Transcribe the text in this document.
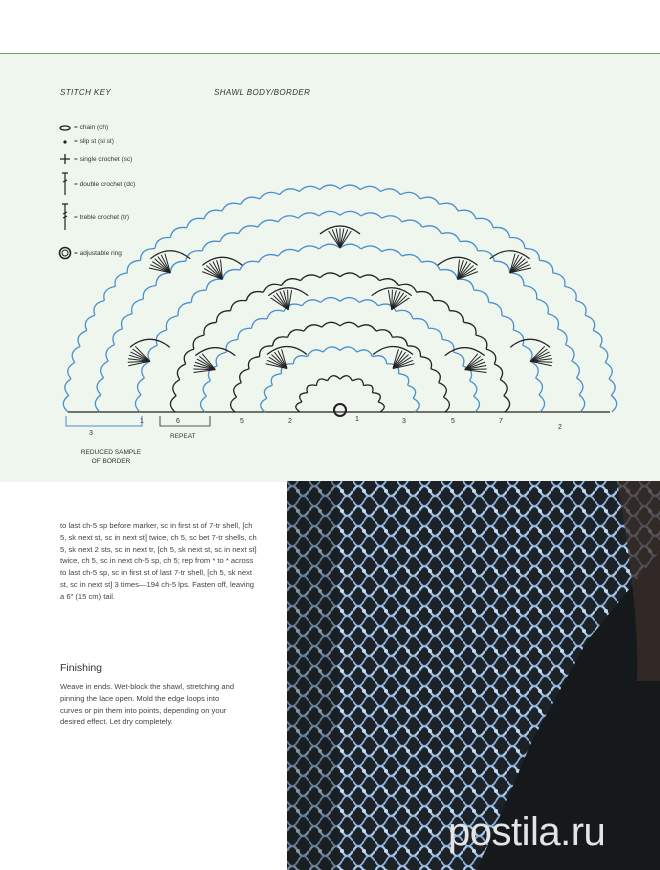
STITCH KEY	SHAWL BODY/BORDER
= chain (ch)
= slip st (sl st)
= single crochet (sc)
= double crochet (dc)
= treble crochet (tr)
= adjustable ring
3
6
REPEAT
REDUCED SAMPLE OF BORDER
1	5	2	1	3	5	7
2
to last ch-5 sp before marker, sc in first st of 7-tr shell, [ch 5, sk next st, sc in next st] twice, ch 5, sc bet 7-tr shells, ch 5, sk next 2 sts, sc in next tr, [ch 5, sk next st, sc in next st] twice, ch 5, sc in next ch-5 sp, ch 5; rep from * to * across to last ch-5 sp, sc in first st of last 7-tr shell, [ch 5, sk next st, sc in next st] 3 times—194 ch-5 lps. Fasten off, leaving a 6" (15 cm) tail.
Finishing
Weave in ends. Wet-block the shawl, stretching and pinning the lace open. Mold the edge loops into curves or pin them into points, depending on your desired effect. Let dry completely.
postila.ru
